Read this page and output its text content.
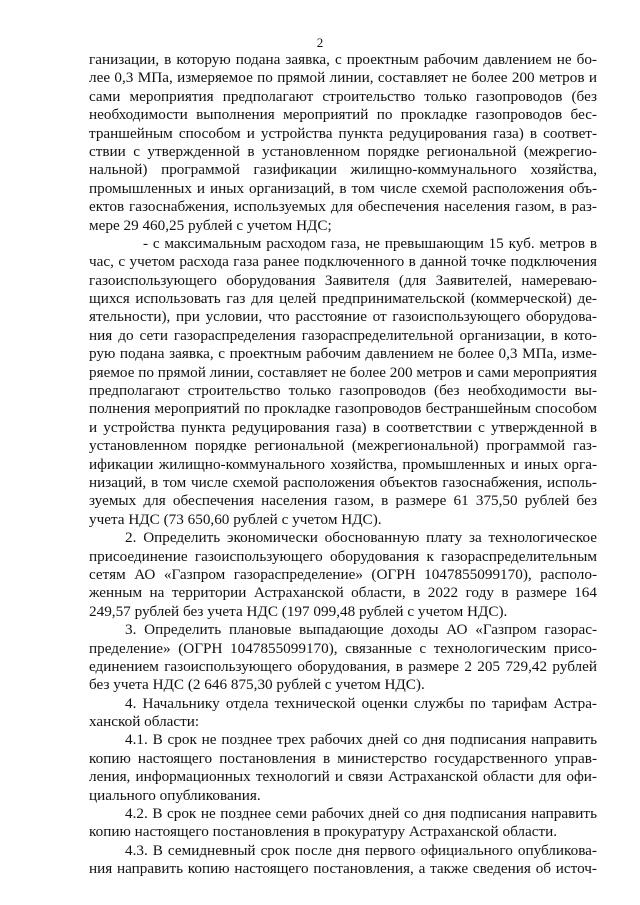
2
ганизации, в которую подана заявка, с проектным рабочим давлением не бо-
лее 0,3 МПа, измеряемое по прямой линии, составляет не более 200 метров и
сами мероприятия предполагают строительство только газопроводов (без
необходимости выполнения мероприятий по прокладке газопроводов бес-
траншейным способом и устройства пункта редуцирования газа) в соответ-
ствии с утвержденной в установленном порядке региональной (межрегио-
нальной) программой газификации жилищно-коммунального хозяйства,
промышленных и иных организаций, в том числе схемой расположения объ-
ектов газоснабжения, используемых для обеспечения населения газом, в раз-
мере 29 460,25 рублей с учетом НДС;
- с максимальным расходом газа, не превышающим 15 куб. метров в
час, с учетом расхода газа ранее подключенного в данной точке подключения
газоиспользующего оборудования Заявителя (для Заявителей, намереваю-
щихся использовать газ для целей предпринимательской (коммерческой) де-
ятельности), при условии, что расстояние от газоиспользующего оборудова-
ния до сети газораспределения газораспределительной организации, в кото-
рую подана заявка, с проектным рабочим давлением не более 0,3 МПа, изме-
ряемое по прямой линии, составляет не более 200 метров и сами мероприятия
предполагают строительство только газопроводов (без необходимости вы-
полнения мероприятий по прокладке газопроводов бестраншейным способом
и устройства пункта редуцирования газа) в соответствии с утвержденной в
установленном порядке региональной (межрегиональной) программой газ-
ификации жилищно-коммунального хозяйства, промышленных и иных орга-
низаций, в том числе схемой расположения объектов газоснабжения, исполь-
зуемых для обеспечения населения газом, в размере 61 375,50 рублей без
учета НДС (73 650,60 рублей с учетом НДС).
2. Определить экономически обоснованную плату за технологическое
присоединение газоиспользующего оборудования к газораспределительным
сетям АО «Газпром газораспределение» (ОГРН 1047855099170), располо-
женным на территории Астраханской области, в 2022 году в размере 164
249,57 рублей без учета НДС (197 099,48 рублей с учетом НДС).
3. Определить плановые выпадающие доходы АО «Газпром газорас-
пределение» (ОГРН 1047855099170), связанные с технологическим присо-
единением газоиспользующего оборудования, в размере 2 205 729,42 рублей
без учета НДС (2 646 875,30 рублей с учетом НДС).
4. Начальнику отдела технической оценки службы по тарифам Астра-
ханской области:
4.1. В срок не позднее трех рабочих дней со дня подписания направить
копию настоящего постановления в министерство государственного управ-
ления, информационных технологий и связи Астраханской области для офи-
циального опубликования.
4.2. В срок не позднее семи рабочих дней со дня подписания направить
копию настоящего постановления в прокуратуру Астраханской области.
4.3. В семидневный срок после дня первого официального опубликова-
ния направить копию настоящего постановления, а также сведения об источ-
